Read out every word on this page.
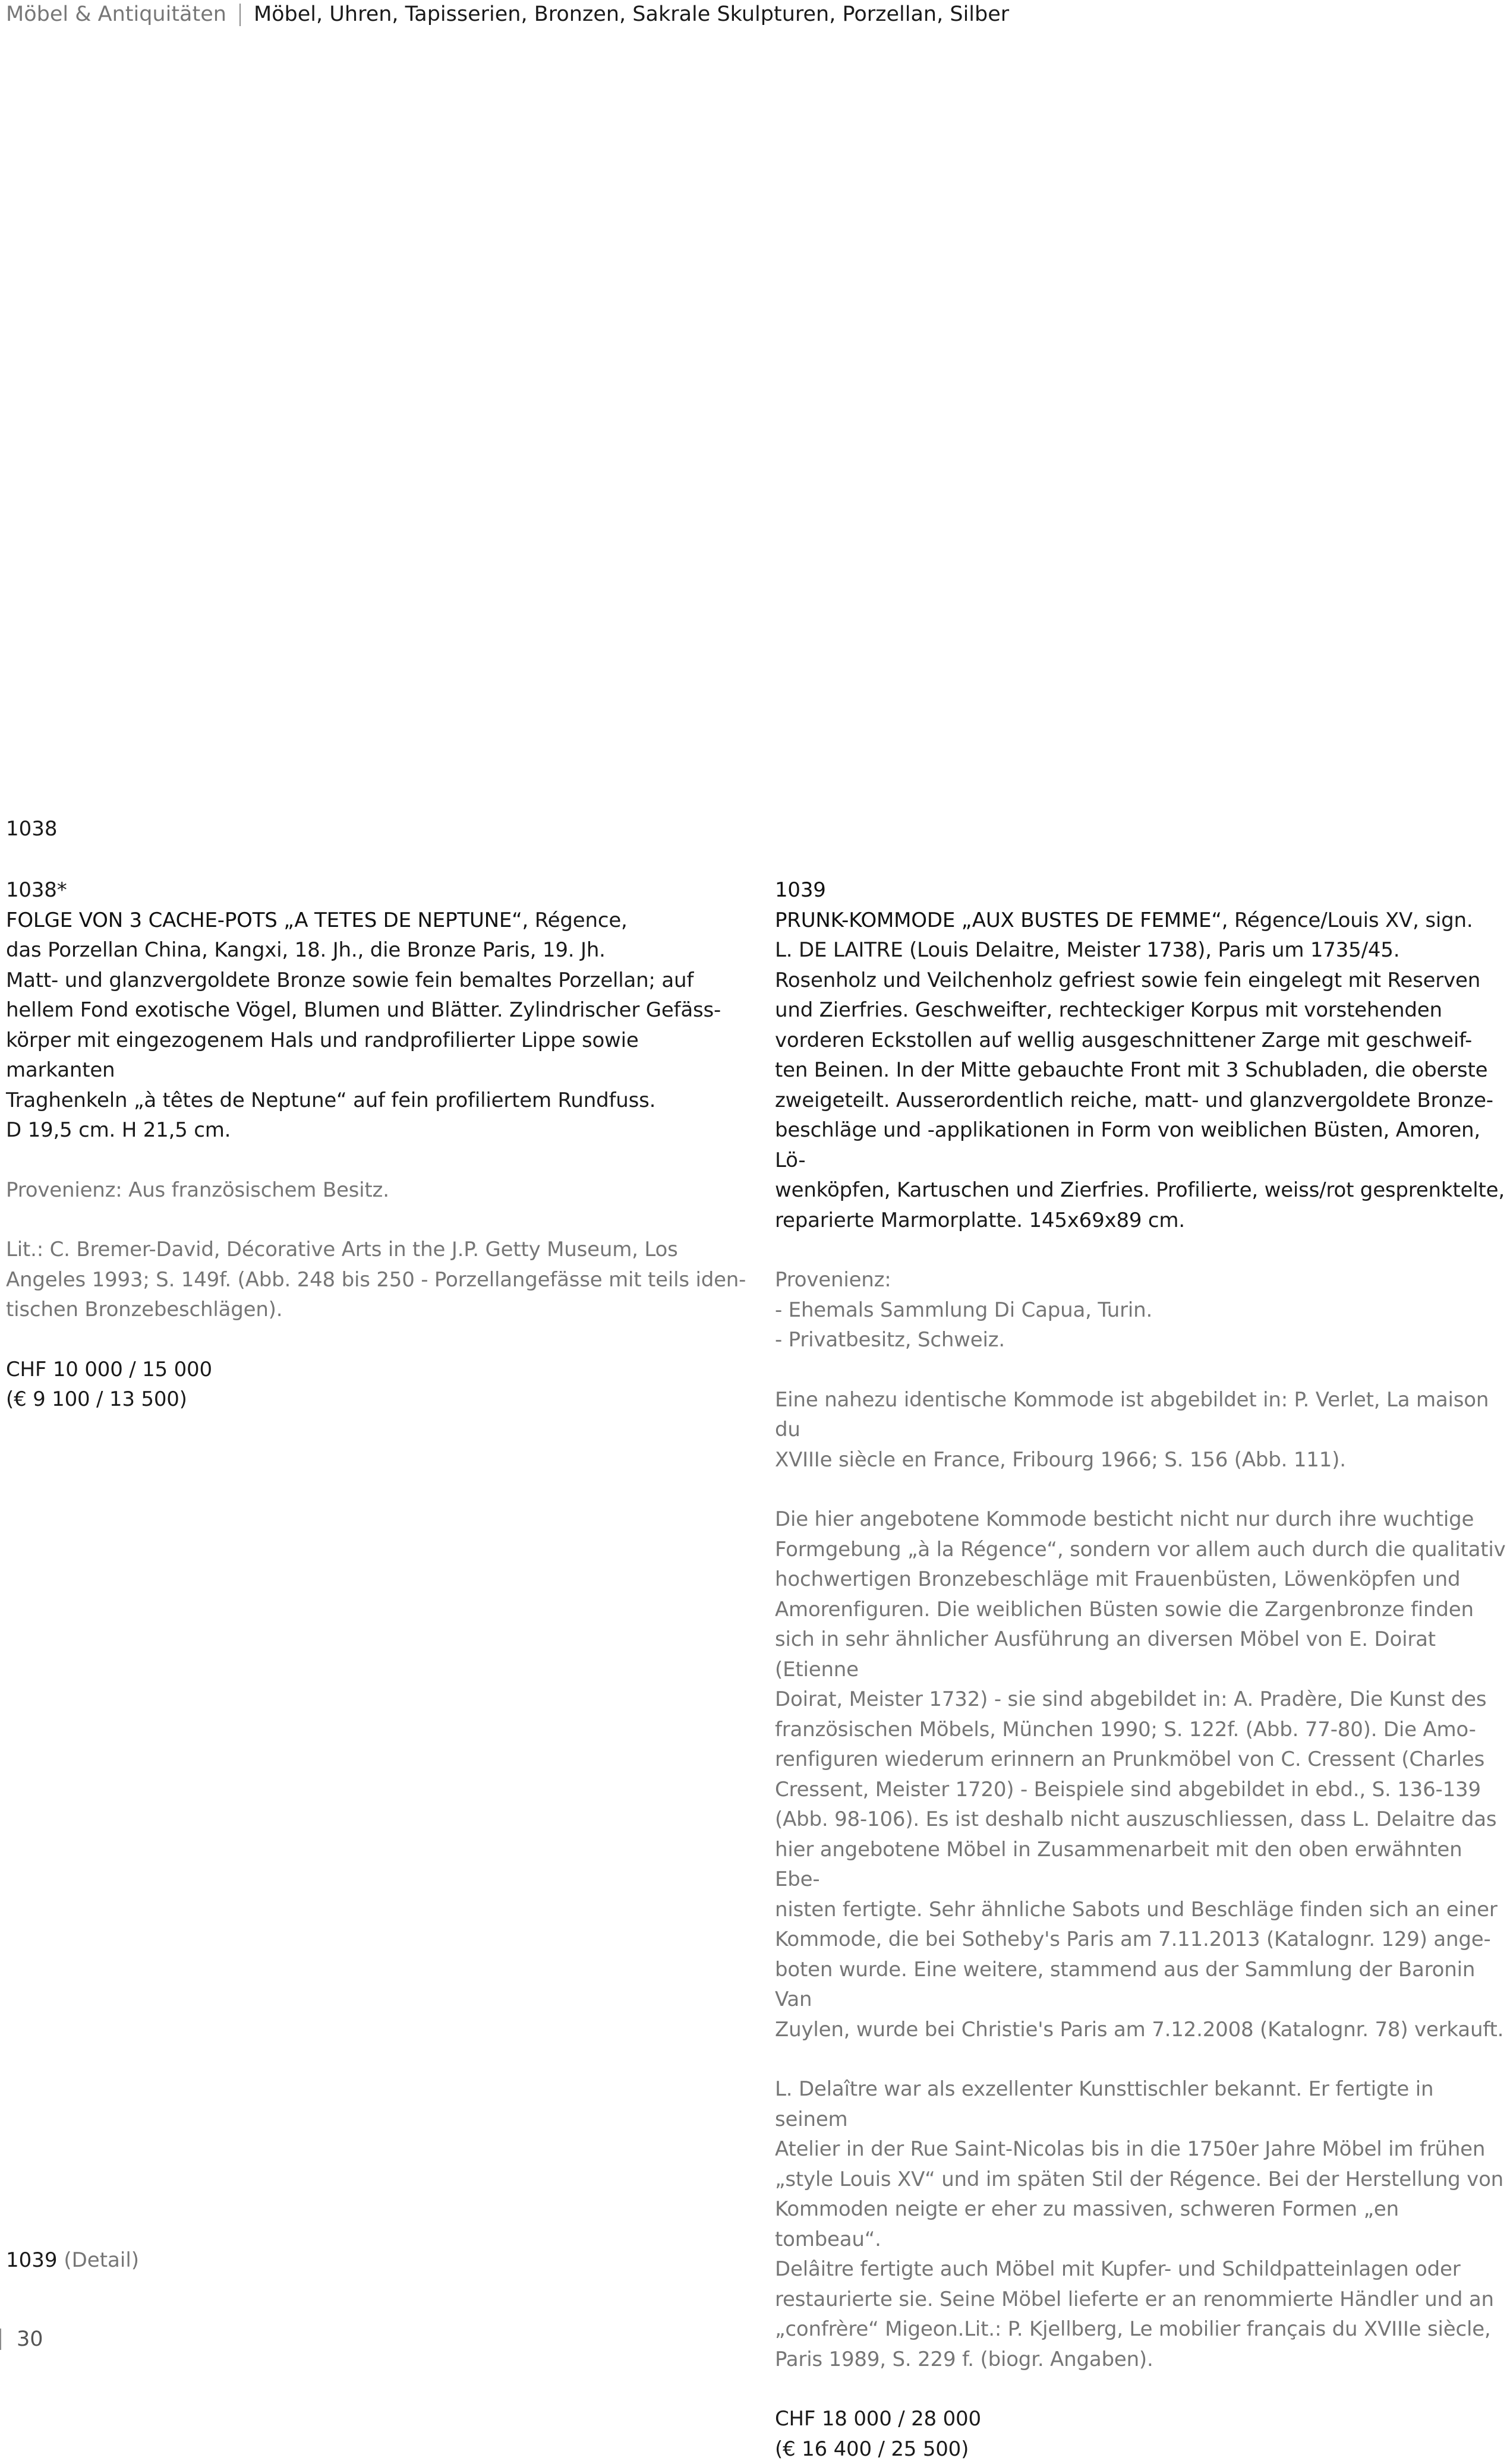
Möbel & Antiquitäten Möbel, Uhren, Tapisserien, Bronzen, Sakrale Skulpturen, Porzellan, Silber
1038

1038*

FOLGE VON 3 CACHE-POTS „A TETES DE NEPTUNE“, Régence,

das Porzellan China, Kangxi, 18. Jh., die Bronze Paris, 19. Jh.

Matt- und glanzvergoldete Bronze sowie fein bemaltes Porzellan; auf

hellem Fond exotische Vögel, Blumen und Blätter. Zylindrischer Gefäss-

körper mit eingezogenem Hals und randprofilierter Lippe sowie markanten

Traghenkeln „à têtes de Neptune“ auf fein profiliertem Rundfuss.

D 19,5 cm. H 21,5 cm.

Provenienz: Aus französischem Besitz.

Lit.: C. Bremer-David, Décorative Arts in the J.P. Getty Museum, Los

Angeles 1993; S. 149f. (Abb. 248 bis 250 - Porzellangefässe mit teils iden-

tischen Bronzebeschlägen).

CHF 10 000 / 15 000

(€ 9 100 / 13 500)

1039

PRUNK-KOMMODE „AUX BUSTES DE FEMME“, Régence/Louis XV, sign.

L. DE LAITRE (Louis Delaitre, Meister 1738), Paris um 1735/45.

Rosenholz und Veilchenholz gefriest sowie fein eingelegt mit Reserven

und Zierfries. Geschweifter, rechteckiger Korpus mit vorstehenden

vorderen Eckstollen auf wellig ausgeschnittener Zarge mit geschweif-

ten Beinen. In der Mitte gebauchte Front mit 3 Schubladen, die oberste

zweigeteilt. Ausserordentlich reiche, matt- und glanzvergoldete Bronze-

beschläge und -applikationen in Form von weiblichen Büsten, Amoren, Lö-

wenköpfen, Kartuschen und Zierfries. Profilierte, weiss/rot gesprenktelte,

reparierte Marmorplatte. 145x69x89 cm.

Provenienz:

- Ehemals Sammlung Di Capua, Turin.

- Privatbesitz, Schweiz.

Eine nahezu identische Kommode ist abgebildet in: P. Verlet, La maison du

XVIIIe siècle en France, Fribourg 1966; S. 156 (Abb. 111).

Die hier angebotene Kommode besticht nicht nur durch ihre wuchtige

Formgebung „à la Régence“, sondern vor allem auch durch die qualitativ

hochwertigen Bronzebeschläge mit Frauenbüsten, Löwenköpfen und

Amorenfiguren. Die weiblichen Büsten sowie die Zargenbronze finden

sich in sehr ähnlicher Ausführung an diversen Möbel von E. Doirat (Etienne

Doirat, Meister 1732) - sie sind abgebildet in: A. Pradère, Die Kunst des

französischen Möbels, München 1990; S. 122f. (Abb. 77-80). Die Amo-

renfiguren wiederum erinnern an Prunkmöbel von C. Cressent (Charles

Cressent, Meister 1720) - Beispiele sind abgebildet in ebd., S. 136-139

(Abb. 98-106). Es ist deshalb nicht auszuschliessen, dass L. Delaitre das

hier angebotene Möbel in Zusammenarbeit mit den oben erwähnten Ebe-

nisten fertigte. Sehr ähnliche Sabots und Beschläge finden sich an einer

Kommode, die bei Sotheby's Paris am 7.11.2013 (Katalognr. 129) ange-

boten wurde. Eine weitere, stammend aus der Sammlung der Baronin Van

Zuylen, wurde bei Christie's Paris am 7.12.2008 (Katalognr. 78) verkauft.

L. Delaître war als exzellenter Kunsttischler bekannt. Er fertigte in seinem

Atelier in der Rue Saint-Nicolas bis in die 1750er Jahre Möbel im frühen

„style Louis XV“ und im späten Stil der Régence. Bei der Herstellung von

Kommoden neigte er eher zu massiven, schweren Formen „en tombeau“.

Delâitre fertigte auch Möbel mit Kupfer- und Schildpatteinlagen oder

restaurierte sie. Seine Möbel lieferte er an renommierte Händler und an

„confrère“ Migeon.Lit.: P. Kjellberg, Le mobilier français du XVIIIe siècle,

Paris 1989, S. 229 f. (biogr. Angaben).

CHF 18 000 / 28 000

(€ 16 400 / 25 500)

1039 (Detail)
30
